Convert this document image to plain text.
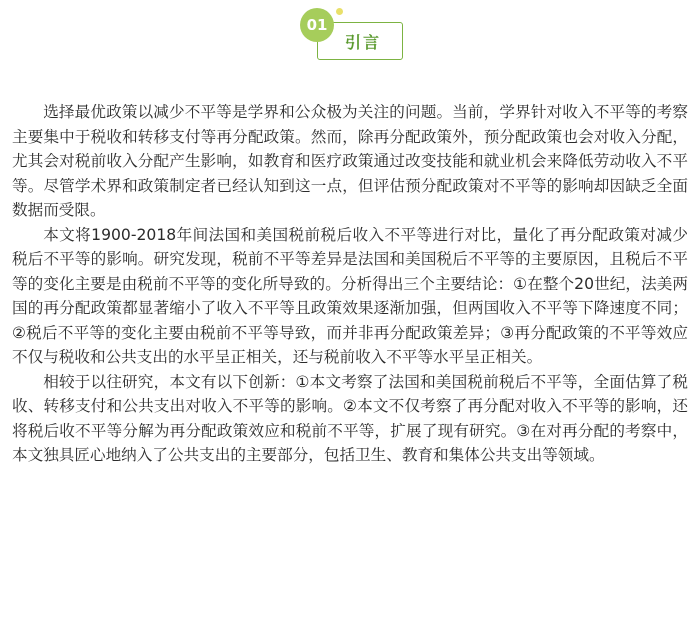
引言
01

选择最优政策以减少不平等是学界和公众极为关注的问题。当前，学界针对收入不平等的考察主要集中于税收和转移支付等再分配政策。然而，除再分配政策外，预分配政策也会对收入分配，尤其会对税前收入分配产生影响，如教育和医疗政策通过改变技能和就业机会来降低劳动收入不平等。尽管学术界和政策制定者已经认知到这一点，但评估预分配政策对不平等的影响却因缺乏全面数据而受限。

本文将1900-2018年间法国和美国税前税后收入不平等进行对比，量化了再分配政策对减少税后不平等的影响。研究发现，税前不平等差异是法国和美国税后不平等的主要原因，且税后不平等的变化主要是由税前不平等的变化所导致的。分析得出三个主要结论：①在整个20世纪，法美两国的再分配政策都显著缩小了收入不平等且政策效果逐渐加强，但两国收入不平等下降速度不同；②税后不平等的变化主要由税前不平等导致，而并非再分配政策差异；③再分配政策的不平等效应不仅与税收和公共支出的水平呈正相关，还与税前收入不平等水平呈正相关。

相较于以往研究，本文有以下创新：①本文考察了法国和美国税前税后不平等，全面估算了税收、转移支付和公共支出对收入不平等的影响。②本文不仅考察了再分配对收入不平等的影响，还将税后收不平等分解为再分配政策效应和税前不平等，扩展了现有研究。③在对再分配的考察中，本文独具匠心地纳入了公共支出的主要部分，包括卫生、教育和集体公共支出等领域。
